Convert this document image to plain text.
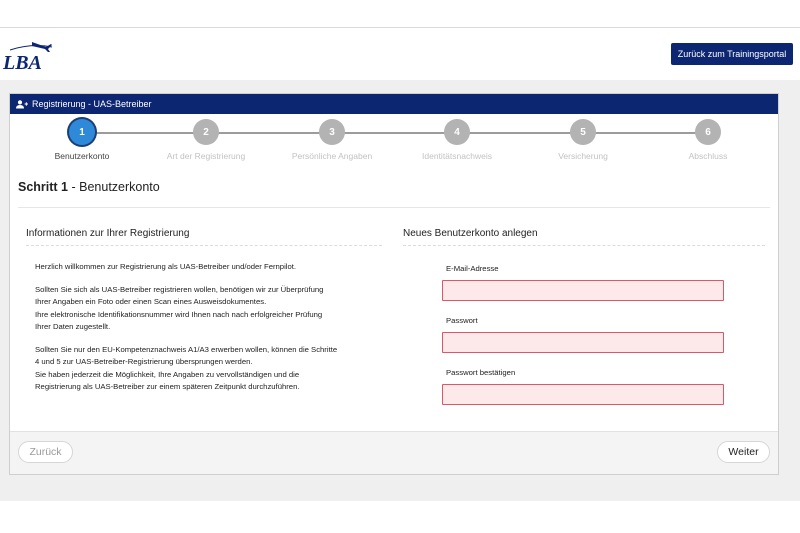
LBA	Zurück zum Trainingsportal
Registrierung - UAS-Betreiber
1
Benutzerkonto
2
Art der Registrierung
3
Persönliche Angaben
4
Identitätsnachweis
5
Versicherung
6
Abschluss
Schritt 1 - Benutzerkonto
Informationen zur Ihrer Registrierung	Neues Benutzerkonto anlegen
Herzlich willkommen zur Registrierung als UAS-Betreiber und/oder Fernpilot.
Sollten Sie sich als UAS-Betreiber registrieren wollen, benötigen wir zur Überprüfung
Ihrer Angaben ein Foto oder einen Scan eines Ausweisdokumentes.
Ihre elektronische Identifikationsnummer wird Ihnen nach nach erfolgreicher Prüfung
Ihrer Daten zugestellt.
Sollten Sie nur den EU-Kompetenznachweis A1/A3 erwerben wollen, können die Schritte
4 und 5 zur UAS-Betreiber-Registrierung übersprungen werden.
Sie haben jederzeit die Möglichkeit, Ihre Angaben zu vervollständigen und die
Registrierung als UAS-Betreiber zur einem späteren Zeitpunkt durchzuführen.
E-Mail-Adresse
Passwort
Passwort bestätigen
Zurück	Weiter
